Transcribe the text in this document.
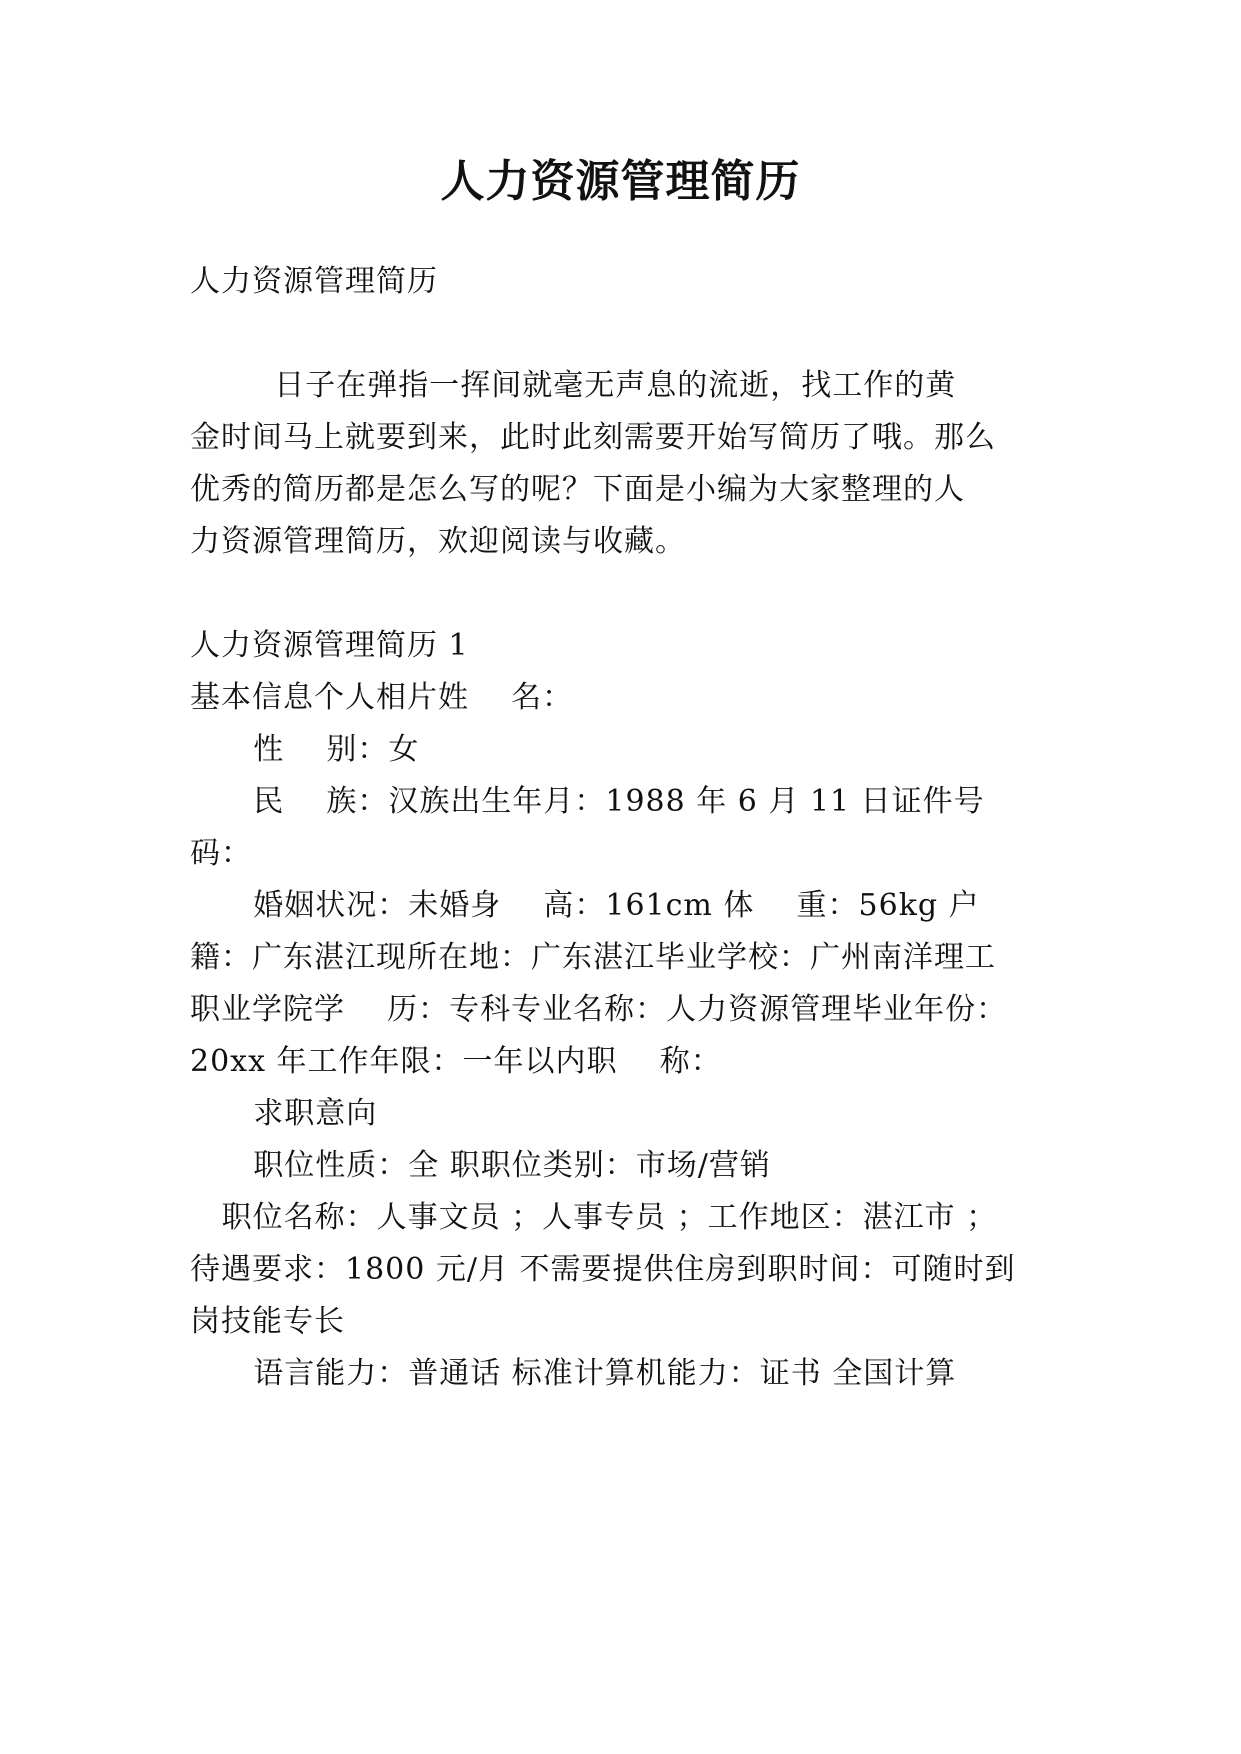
人力资源管理简历
人力资源管理简历
日子在弹指一挥间就毫无声息的流逝，找工作的黄
金时间马上就要到来，此时此刻需要开始写简历了哦。那么
优秀的简历都是怎么写的呢？下面是小编为大家整理的人
力资源管理简历，欢迎阅读与收藏。
人力资源管理简历 1
基本信息个人相片姓    名：
性    别：女
民    族：汉族出生年月：1988 年 6 月 11 日证件号
码：
婚姻状况：未婚身    高：161cm 体    重：56kg 户
籍：广东湛江现所在地：广东湛江毕业学校：广州南洋理工
职业学院学    历：专科专业名称：人力资源管理毕业年份：
20xx 年工作年限：一年以内职    称：
求职意向
职位性质：全 职职位类别：市场/营销
职位名称：人事文员 ；人事专员 ；工作地区：湛江市 ；
待遇要求：1800 元/月 不需要提供住房到职时间：可随时到
岗技能专长
语言能力：普通话 标准计算机能力：证书 全国计算
